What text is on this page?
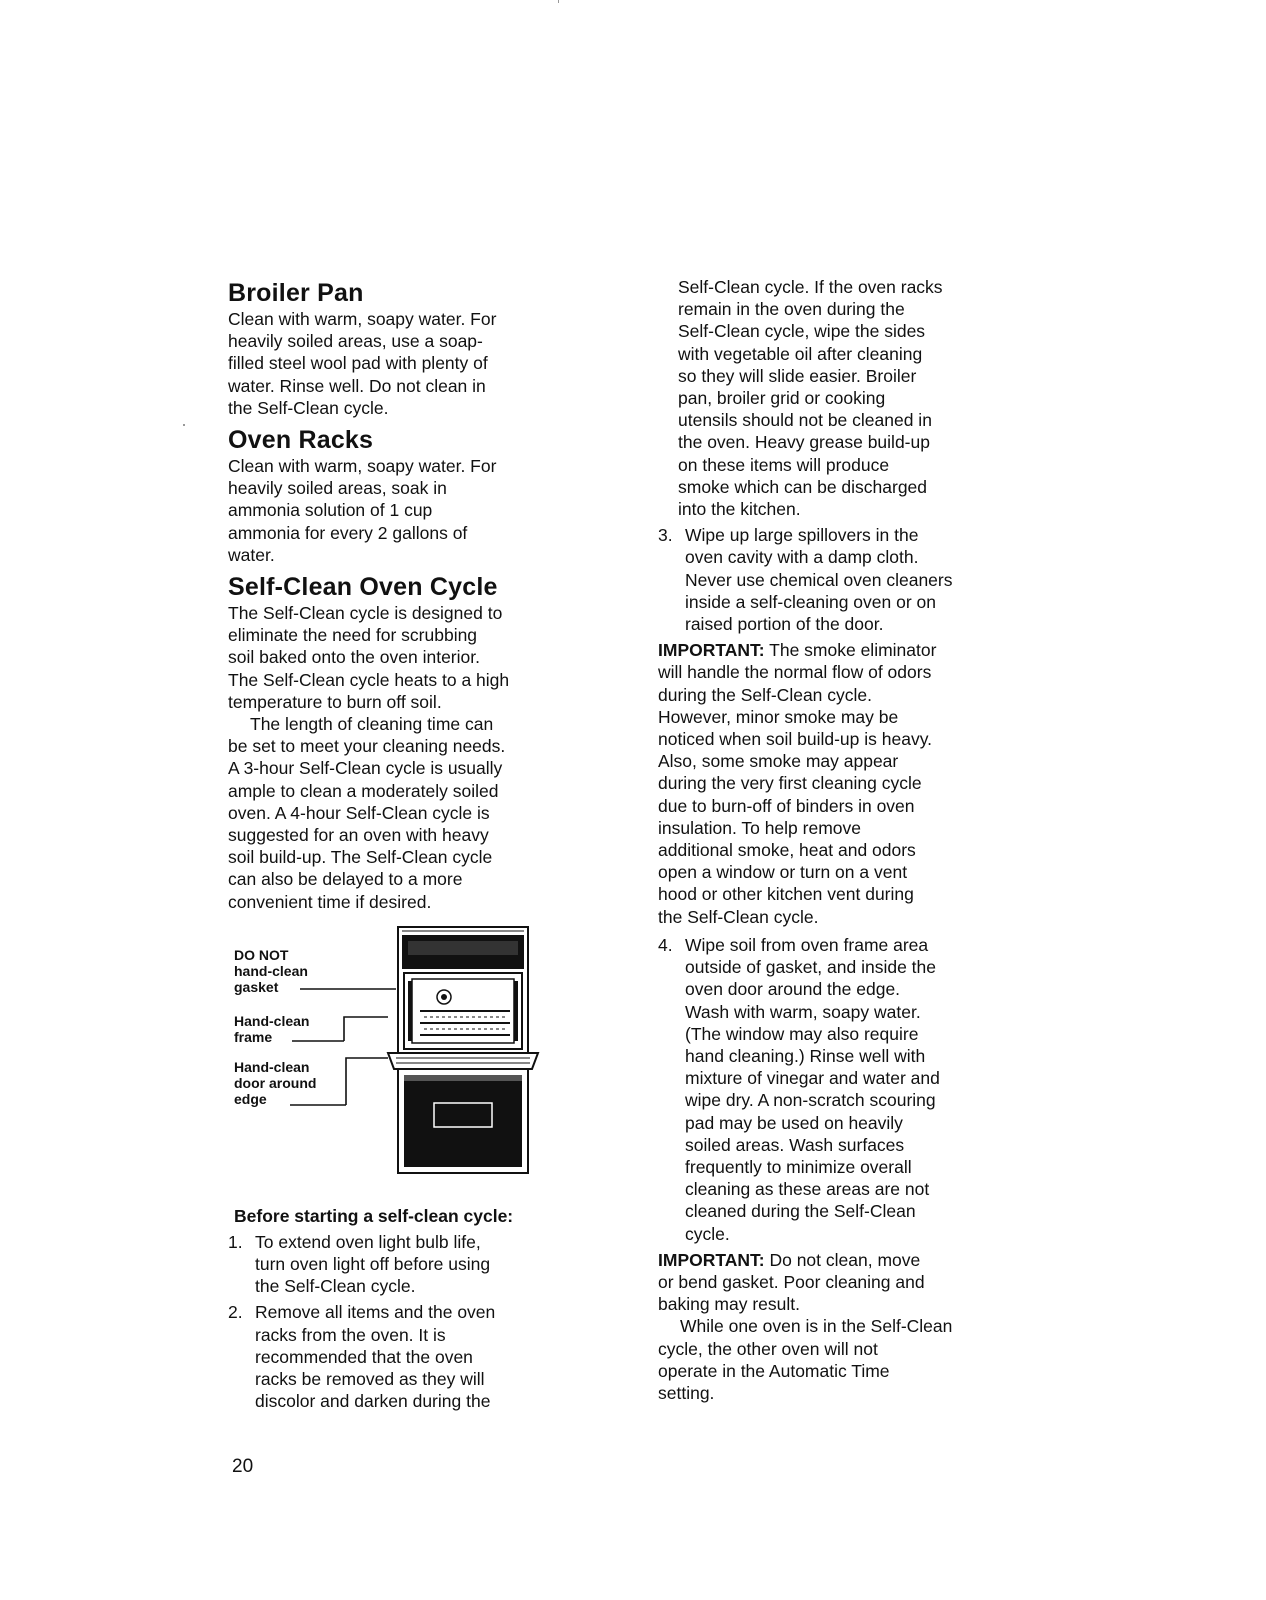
Broiler Pan

Clean with warm, soapy water. For
heavily soiled areas, use a soap-
filled steel wool pad with plenty of
water. Rinse well. Do not clean in
the Self-Clean cycle.

Oven Racks

Clean with warm, soapy water. For
heavily soiled areas, soak in
ammonia solution of 1 cup
ammonia for every 2 gallons of
water.

Self-Clean Oven Cycle

The Self-Clean cycle is designed to
eliminate the need for scrubbing
soil baked onto the oven interior.
The Self-Clean cycle heats to a high
temperature to burn off soil.

The length of cleaning time can
be set to meet your cleaning needs.
A 3-hour Self-Clean cycle is usually
ample to clean a moderately soiled
oven. A 4-hour Self-Clean cycle is
suggested for an oven with heavy
soil build-up. The Self-Clean cycle
can also be delayed to a more
convenient time if desired.

DO NOT
hand-clean
gasket
Hand-clean
frame
Hand-clean
door around
edge
Before starting a self-clean cycle:
1. To extend oven light bulb life,
turn oven light off before using
the Self-Clean cycle.
2. Remove all items and the oven
racks from the oven. It is
recommended that the oven
racks be removed as they will
discolor and darken during the

Self-Clean cycle. If the oven racks
remain in the oven during the
Self-Clean cycle, wipe the sides
with vegetable oil after cleaning
so they will slide easier. Broiler
pan, broiler grid or cooking
utensils should not be cleaned in
the oven. Heavy grease build-up
on these items will produce
smoke which can be discharged
into the kitchen.

3. Wipe up large spillovers in the
oven cavity with a damp cloth.
Never use chemical oven cleaners
inside a self-cleaning oven or on
raised portion of the door.

IMPORTANT: The smoke eliminator
will handle the normal flow of odors
during the Self-Clean cycle.
However, minor smoke may be
noticed when soil build-up is heavy.
Also, some smoke may appear
during the very first cleaning cycle
due to burn-off of binders in oven
insulation. To help remove
additional smoke, heat and odors
open a window or turn on a vent
hood or other kitchen vent during
the Self-Clean cycle.

4. Wipe soil from oven frame area
outside of gasket, and inside the
oven door around the edge.
Wash with warm, soapy water.
(The window may also require
hand cleaning.) Rinse well with
mixture of vinegar and water and
wipe dry. A non-scratch scouring
pad may be used on heavily
soiled areas. Wash surfaces
frequently to minimize overall
cleaning as these areas are not
cleaned during the Self-Clean
cycle.

IMPORTANT: Do not clean, move
or bend gasket. Poor cleaning and
baking may result.

While one oven is in the Self-Clean
cycle, the other oven will not
operate in the Automatic Time
setting.

20
